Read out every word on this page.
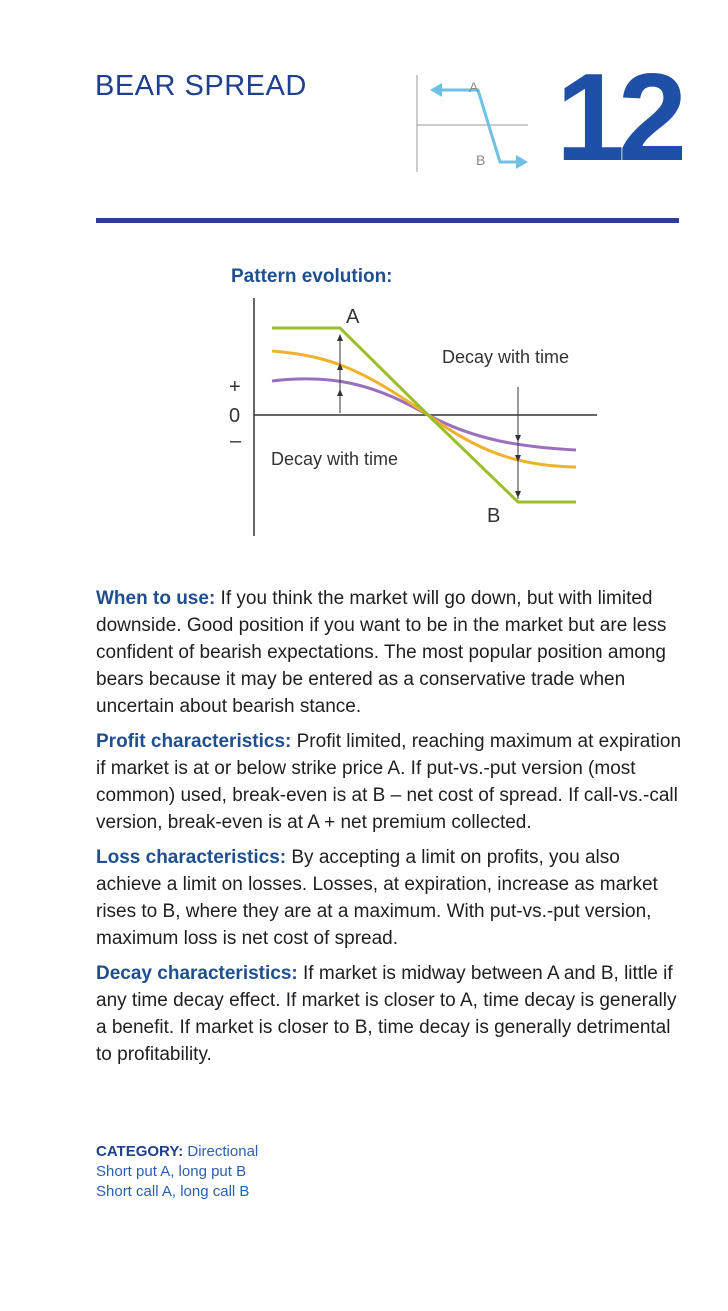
BEAR SPREAD	A
B 12
Pattern evolution:
A
B
Decay with time
Decay with time
+
0
–

When to use: If you think the market will go down, but with limited downside. Good position if you want to be in the market but are less confident of bearish expectations. The most popular position among bears because it may be entered as a conservative trade when uncertain about bearish stance.

Profit characteristics: Profit limited, reaching maximum at expiration if market is at or below strike price A. If put-vs.-put version (most common) used, break-even is at B – net cost of spread. If call-vs.-call version, break-even is at A + net premium collected.

Loss characteristics: By accepting a limit on profits, you also achieve a limit on losses. Losses, at expiration, increase as market rises to B, where they are at a maximum. With put-vs.-put version, maximum loss is net cost of spread.

Decay characteristics: If market is midway between A and B, little if any time decay effect. If market is closer to A, time decay is generally a benefit. If market is closer to B, time decay is generally detrimental to profitability.

CATEGORY: Directional
Short put A, long put B
Short call A, long call B
